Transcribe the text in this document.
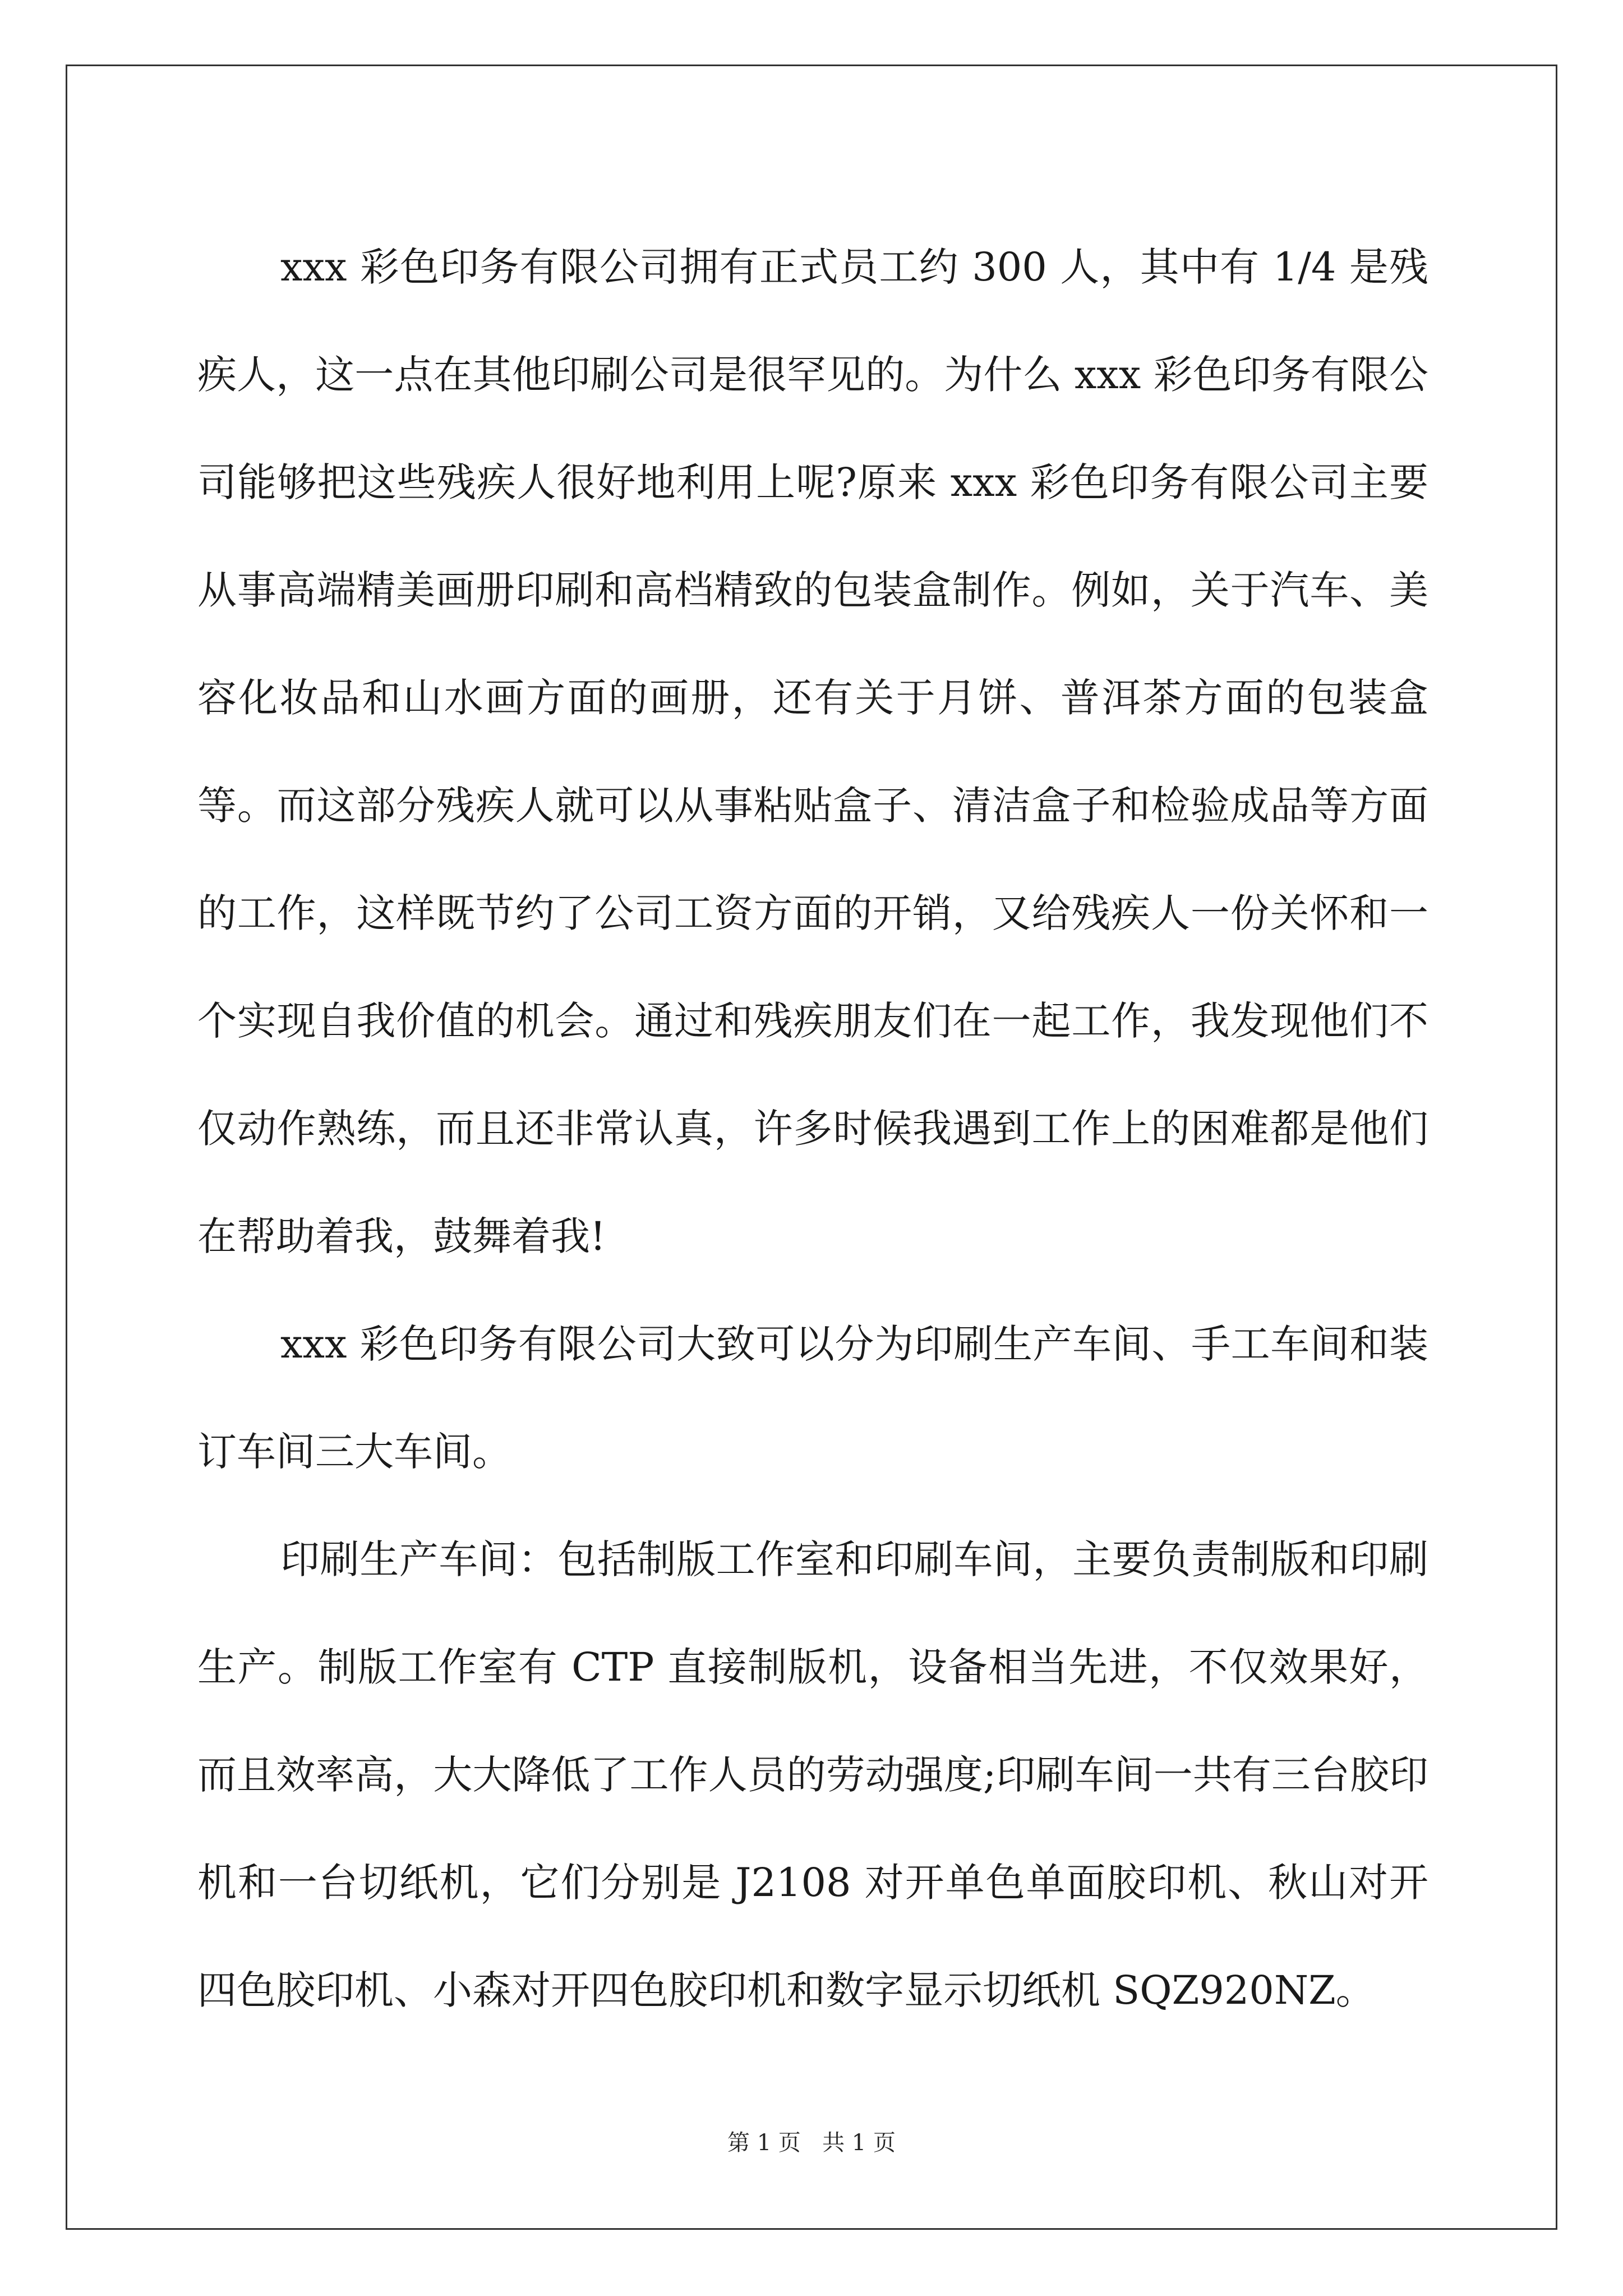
xxx 彩色印务有限公司拥有正式员工约 300 人，其中有 1/4 是残疾人，这一点在其他印刷公司是很罕见的。为什么 xxx 彩色印务有限公司能够把这些残疾人很好地利用上呢?原来 xxx 彩色印务有限公司主要从事高端精美画册印刷和高档精致的包装盒制作。例如，关于汽车、美容化妆品和山水画方面的画册，还有关于月饼、普洱茶方面的包装盒等。而这部分残疾人就可以从事粘贴盒子、清洁盒子和检验成品等方面的工作，这样既节约了公司工资方面的开销，又给残疾人一份关怀和一个实现自我价值的机会。通过和残疾朋友们在一起工作，我发现他们不仅动作熟练，而且还非常认真，许多时候我遇到工作上的困难都是他们在帮助着我，鼓舞着我!

xxx 彩色印务有限公司大致可以分为印刷生产车间、手工车间和装订车间三大车间。

印刷生产车间：包括制版工作室和印刷车间，主要负责制版和印刷生产。制版工作室有 CTP 直接制版机，设备相当先进，不仅效果好，而且效率高，大大降低了工作人员的劳动强度;印刷车间一共有三台胶印机和一台切纸机，它们分别是 J2108 对开单色单面胶印机、秋山对开四色胶印机、小森对开四色胶印机和数字显示切纸机 SQZ920NZ。

第 1 页 共 1 页
